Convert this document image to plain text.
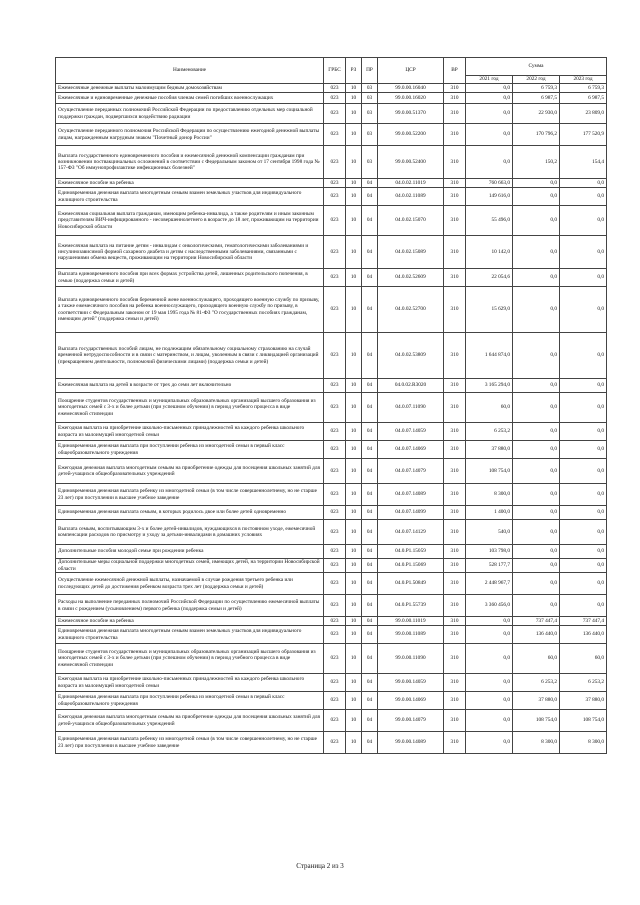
Наименование	ГРБС	РЗ	ПР	ЦСР	ВР	Сумма		
						2021 год	2022 год	2023 год
Ежемесячные денежные выплаты малоимущим бедным домохозяйствам	023	10	03	99.0.00.16040	310	0,0	6 759,3	6 759,3
Ежемесячные и единовременные денежные пособия членам семей погибших военнослужащих	023	10	03	99.0.00.16020	310	0,0	6 987,5	6 987,5
Осуществление переданных полномочий Российской Федерации по предоставлению отдельных мер социальной поддержки граждан, подвергшихся воздействию радиации	023	10	03	99.0.00.51370	310	0,0	22 930,0	23 809,0
Осуществление переданного полномочия Российской Федерации по осуществлению ежегодной денежной выплаты лицам, награжденным нагрудным знаком "Почетный донор России"	023	10	03	99.0.00.52200	310	0,0	170 796,2	177 520,9
Выплата государственного единовременного пособия и ежемесячной денежной компенсации гражданам при возникновении поствакцинальных осложнений в соответствии с Федеральным законом от 17 сентября 1998 года № 157-ФЗ "Об иммунопрофилактике инфекционных болезней"	023	10	03	99.0.00.52400	310	0,0	150,2	154,4
Ежемесячное пособие на ребенка	023	10	04	04.0.02.11019	310	760 663,0	0,0	0,0
Единовременная денежная выплата многодетным семьям взамен земельных участков для индивидуального жилищного строительства	023	10	04	04.0.02.11089	310	149 616,0	0,0	0,0
Ежемесячная социальная выплата гражданам, имеющим ребенка-инвалида, а также родителям и иным законным представителям ВИЧ-инфицированного - несовершеннолетнего в возрасте до 18 лет, проживающим на территории Новосибирской области	023	10	04	04.0.02.15070	310	55 496,0	0,0	0,0
Ежемесячная выплата на питание детям - инвалидам с онкологическими, гематологическими заболеваниями и инсулинозависимой формой сахарного диабета и детям с наследственными заболеваниями, связанными с нарушениями обмена веществ, проживающим на территории Новосибирской области	023	10	04	04.0.02.15089	310	10 142,0	0,0	0,0
Выплата единовременного пособия при всех формах устройства детей, лишенных родительского попечения, в семью (поддержка семьи и детей)	023	10	04	04.0.02.52609	310	22 054,6	0,0	0,0
Выплата единовременного пособия беременной жене военнослужащего, проходящего военную службу по призыву, а также ежемесячного пособия на ребенка военнослужащего, проходящего военную службу по призыву, в соответствии с Федеральным законом от 19 мая 1995 года № 81-ФЗ "О государственных пособиях гражданам, имеющим детей" (поддержка семьи и детей)	023	10	04	04.0.02.52700	310	15 629,0	0,0	0,0
Выплата государственных пособий лицам, не подлежащим обязательному социальному страхованию на случай временной нетрудоспособности и в связи с материнством, и лицам, уволенным в связи с ликвидацией организаций (прекращением деятельности, полномочий физическими лицами) (поддержка семьи и детей)	023	10	04	04.0.02.53809	310	1 644 874,0	0,0	0,0
Ежемесячная выплата на детей в возрасте от трех до семи лет включительно	023	10	04	04.0.02.R3020	310	3 165 294,0	0,0	0,0
Поощрение студентов государственных и муниципальных образовательных организаций высшего образования из многодетных семей с 3-х и более детьми (при успешном обучении) в период учебного процесса в виде ежемесячной стипендии	023	10	04	04.0.07.11090	310	60,0	0,0	0,0
Ежегодная выплата на приобретение школьно-письменных принадлежностей на каждого ребенка школьного возраста из малоимущей многодетной семьи	023	10	04	04.0.07.14059	310	6 253,2	0,0	0,0
Единовременная денежная выплата при поступлении ребенка из многодетной семьи в первый класс общеобразовательного учреждения	023	10	04	04.0.07.14069	310	37 880,0	0,0	0,0
Ежегодная денежная выплата многодетным семьям на приобретение одежды для посещения школьных занятий для детей-учащихся общеобразовательных учреждений	023	10	04	04.0.07.14079	310	108 754,0	0,0	0,0
Единовременная денежная выплата ребенку из многодетной семьи (в том числе совершеннолетнему, но не старше 23 лет) при поступлении в высшее учебное заведение	023	10	04	04.0.07.14089	310	8 300,0	0,0	0,0
Единовременная денежная выплата семьям, в которых родилось двое или более детей одновременно	023	10	04	04.0.07.14099	310	1 400,0	0,0	0,0
Выплата семьям, воспитывающим 3-х и более детей-инвалидов, нуждающихся в постоянном уходе, ежемесячной компенсации расходов по присмотру и уходу за детьми-инвалидами в домашних условиях	023	10	04	04.0.07.14129	310	540,0	0,0	0,0
Дополнительные пособия молодой семье при рождении ребенка	023	10	04	04.0.P1.15059	310	103 798,0	0,0	0,0
Дополнительные меры социальной поддержки многодетных семей, имеющих детей, на территории Новосибирской области	023	10	04	04.0.P1.15069	310	528 177,7	0,0	0,0
Осуществление ежемесячной денежной выплаты, назначаемой в случае рождения третьего ребенка или последующих детей до достижения ребенком возраста трех лет (поддержка семьи и детей)	023	10	04	04.0.P1.50849	310	2 448 967,7	0,0	0,0
Расходы на выполнение переданных полномочий Российской Федерации по осуществлению ежемесячной выплаты в связи с рождением (усыновлением) первого ребенка (поддержка семьи и детей)	023	10	04	04.0.P1.55739	310	3 360 456,0	0,0	0,0
Ежемесячное пособие на ребенка	023	10	04	99.0.00.11019	310	0,0	737 447,4	737 447,4
Единовременная денежная выплата многодетным семьям взамен земельных участков для индивидуального жилищного строительства	023	10	04	99.0.00.11089	310	0,0	136 440,0	136 440,0
Поощрение студентов государственных и муниципальных образовательных организаций высшего образования из многодетных семей с 3-х и более детьми (при успешном обучении) в период учебного процесса в виде ежемесячной стипендии	023	10	04	99.0.00.11090	310	0,0	60,0	60,0
Ежегодная выплата на приобретение школьно-письменных принадлежностей на каждого ребенка школьного возраста из малоимущей многодетной семьи	023	10	04	99.0.00.14059	310	0,0	6 253,2	6 253,2
Единовременная денежная выплата при поступлении ребенка из многодетной семьи в первый класс общеобразовательного учреждения	023	10	04	99.0.00.14069	310	0,0	37 880,0	37 880,0
Ежегодная денежная выплата многодетным семьям на приобретение одежды для посещения школьных занятий для детей-учащихся общеобразовательных учреждений	023	10	04	99.0.00.14079	310	0,0	108 754,0	108 754,0
Единовременная денежная выплата ребенку из многодетной семьи (в том числе совершеннолетнему, но не старше 23 лет) при поступлении в высшее учебное заведение	023	10	04	99.0.00.14089	310	0,0	8 300,0	8 300,0
Страница 2 из 3
